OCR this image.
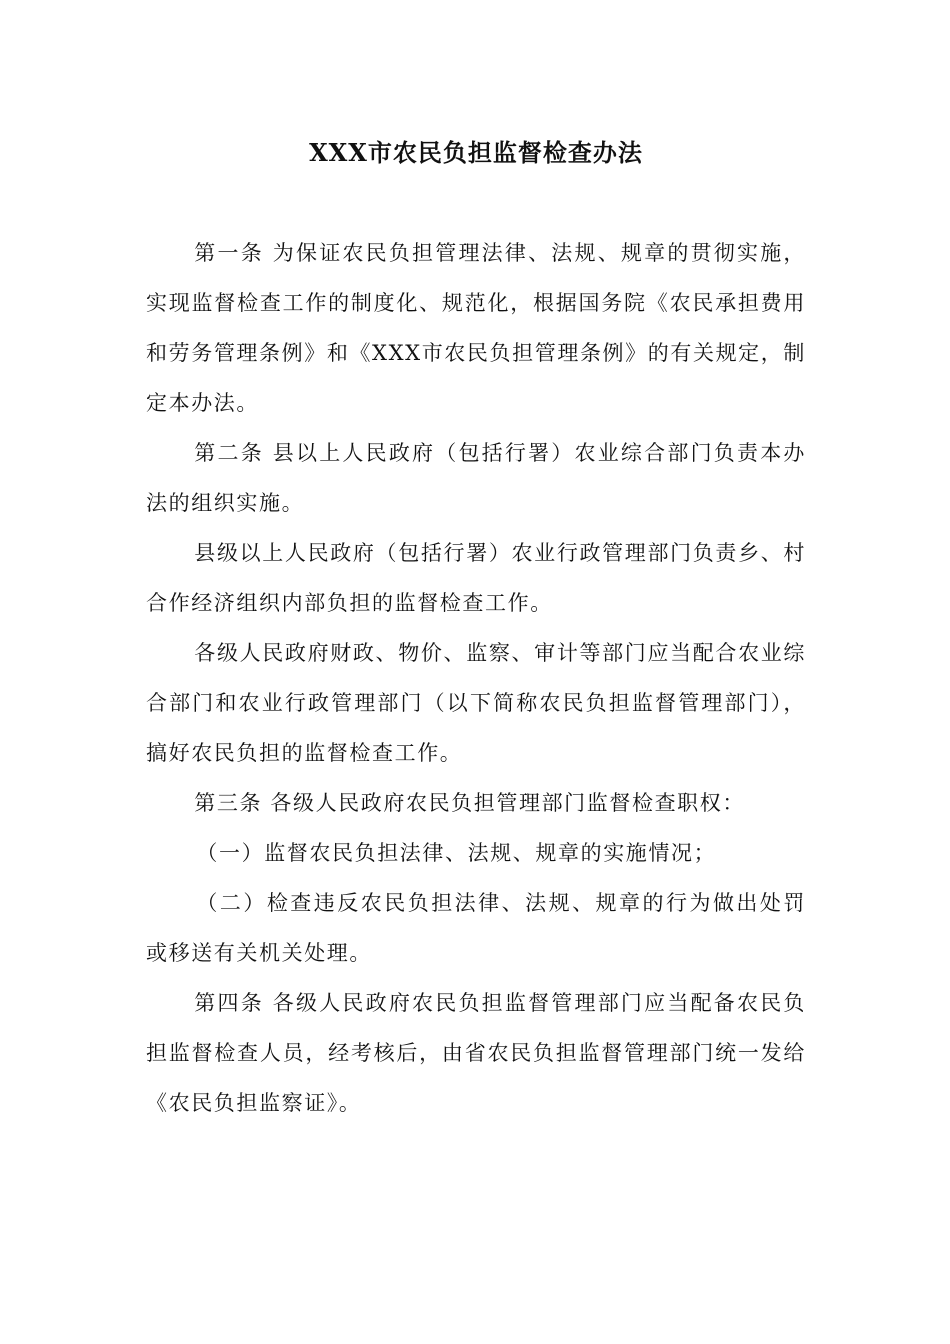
XXX市农民负担监督检查办法

第一条 为保证农民负担管理法律、法规、规章的贯彻实施，实现监督检查工作的制度化、规范化，根据国务院《农民承担费用和劳务管理条例》和《XXX市农民负担管理条例》的有关规定，制定本办法。

第二条 县以上人民政府（包括行署）农业综合部门负责本办法的组织实施。

县级以上人民政府（包括行署）农业行政管理部门负责乡、村合作经济组织内部负担的监督检查工作。

各级人民政府财政、物价、监察、审计等部门应当配合农业综合部门和农业行政管理部门（以下简称农民负担监督管理部门），搞好农民负担的监督检查工作。

第三条 各级人民政府农民负担管理部门监督检查职权：

（一）监督农民负担法律、法规、规章的实施情况；

（二）检查违反农民负担法律、法规、规章的行为做出处罚或移送有关机关处理。

第四条 各级人民政府农民负担监督管理部门应当配备农民负担监督检查人员，经考核后，由省农民负担监督管理部门统一发给《农民负担监察证》。
